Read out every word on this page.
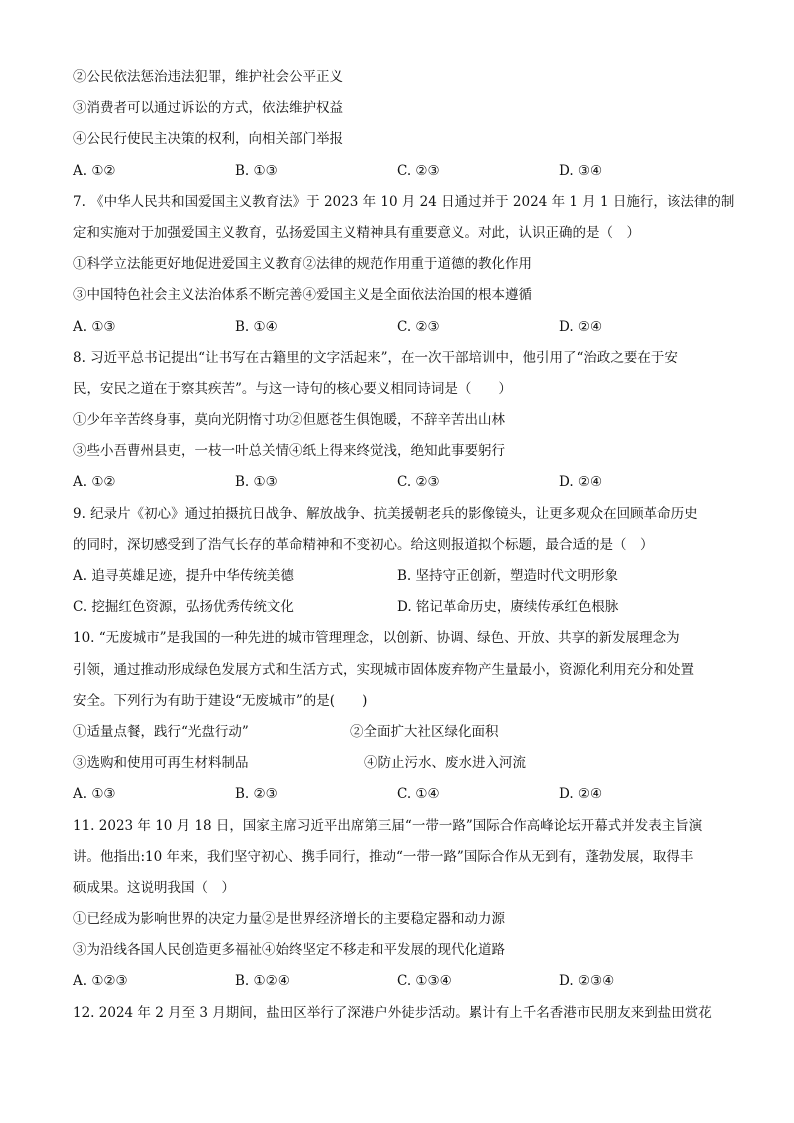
②公民依法惩治违法犯罪，维护社会公平正义
③消费者可以通过诉讼的方式，依法维护权益
④公民行使民主决策的权利，向相关部门举报
A. ①②	B. ①③	C. ②③	D. ③④
7. 《中华人民共和国爱国主义教育法》于 2023 年 10 月 24 日通过并于 2024 年 1 月 1 日施行，该法律的制
定和实施对于加强爱国主义教育，弘扬爱国主义精神具有重要意义。对此，认识正确的是（　）
①科学立法能更好地促进爱国主义教育②法律的规范作用重于道德的教化作用
③中国特色社会主义法治体系不断完善④爱国主义是全面依法治国的根本遵循
A. ①③	B. ①④	C. ②③	D. ②④
8. 习近平总书记提出“让书写在古籍里的文字活起来”，在一次干部培训中，他引用了“治政之要在于安
民，安民之道在于察其疾苦”。与这一诗句的核心要义相同诗词是（　　）
①少年辛苦终身事，莫向光阴惰寸功②但愿苍生俱饱暖，不辞辛苦出山林
③些小吾曹州县吏，一枝一叶总关情④纸上得来终觉浅，绝知此事要躬行
A. ①②	B. ①③	C. ②③	D. ②④
9. 纪录片《初心》通过拍摄抗日战争、解放战争、抗美援朝老兵的影像镜头，让更多观众在回顾革命历史
的同时，深切感受到了浩气长存的革命精神和不变初心。给这则报道拟个标题，最合适的是（　）
A. 追寻英雄足迹，提升中华传统美德	B. 坚持守正创新，塑造时代文明形象
C. 挖掘红色资源，弘扬优秀传统文化	D. 铭记革命历史，赓续传承红色根脉
10. “无废城市”是我国的一种先进的城市管理理念，以创新、协调、绿色、开放、共享的新发展理念为
引领，通过推动形成绿色发展方式和生活方式，实现城市固体废弃物产生量最小，资源化利用充分和处置
安全。下列行为有助于建设“无废城市”的是(　　)
①适量点餐，践行“光盘行动”	②全面扩大社区绿化面积
③选购和使用可再生材料制品	④防止污水、废水进入河流
A. ①③	B. ②③	C. ①④	D. ②④
11. 2023 年 10 月 18 日，国家主席习近平出席第三届“一带一路”国际合作高峰论坛开幕式并发表主旨演
讲。他指出:10 年来，我们坚守初心、携手同行，推动“一带一路”国际合作从无到有，蓬勃发展，取得丰
硕成果。这说明我国（　）
①已经成为影响世界的决定力量②是世界经济增长的主要稳定器和动力源
③为沿线各国人民创造更多福祉④始终坚定不移走和平发展的现代化道路
A. ①②③	B. ①②④	C. ①③④	D. ②③④
12. 2024 年 2 月至 3 月期间，盐田区举行了深港户外徒步活动。累计有上千名香港市民朋友来到盐田赏花
